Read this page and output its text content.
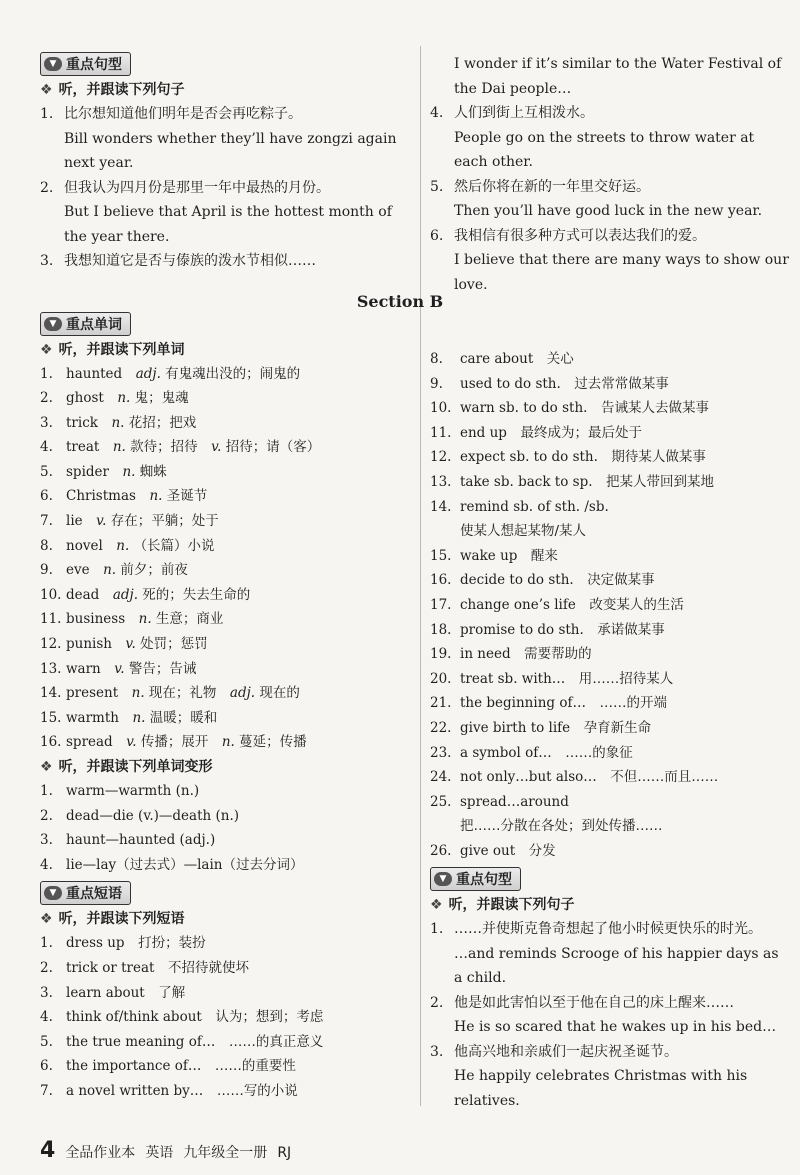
Section B
▼ 重点句型
❖ 听，并跟读下列句子
1. 比尔想知道他们明年是否会再吃粽子。
Bill wonders whether they’ll have zongzi again next year.
2. 但我认为四月份是那里一年中最热的月份。
But I believe that April is the hottest month of the year there.
3. 我想知道它是否与傣族的泼水节相似……
▼ 重点单词
❖ 听，并跟读下列单词
1. haunted  adj. 有鬼魂出没的；闹鬼的
2. ghost  n. 鬼；鬼魂
3. trick  n. 花招；把戏
4. treat  n. 款待；招待  v. 招待；请（客）
5. spider  n. 蜘蛛
6. Christmas  n. 圣诞节
7. lie  v. 存在；平躺；处于
8. novel  n. （长篇）小说
9. eve  n. 前夕；前夜
10. dead  adj. 死的；失去生命的
11. business  n. 生意；商业
12. punish  v. 处罚；惩罚
13. warn  v. 警告；告诫
14. present  n. 现在；礼物  adj. 现在的
15. warmth  n. 温暖；暖和
16. spread  v. 传播；展开  n. 蔓延；传播
❖ 听，并跟读下列单词变形
1. warm—warmth (n.)
2. dead—die (v.)—death (n.)
3. haunt—haunted (adj.)
4. lie—lay（过去式）—lain（过去分词）
▼ 重点短语
❖ 听，并跟读下列短语
1. dress up  打扮；装扮
2. trick or treat  不招待就使坏
3. learn about  了解
4. think of/think about  认为；想到；考虑
5. the true meaning of…  ……的真正意义
6. the importance of…  ……的重要性
7. a novel written by…  ……写的小说
I wonder if it’s similar to the Water Festival of the Dai people…
4. 人们到街上互相泼水。
People go on the streets to throw water at each other.
5. 然后你将在新的一年里交好运。
Then you’ll have good luck in the new year.
6. 我相信有很多种方式可以表达我们的爱。
I believe that there are many ways to show our love.
8.	care about  关心
9.	used to do sth.  过去常常做某事
10. warn sb. to do sth.  告诫某人去做某事
11. end up  最终成为；最后处于
12. expect sb. to do sth.  期待某人做某事
13. take sb. back to sp.  把某人带回到某地
14. remind sb. of sth. /sb. 
使某人想起某物/某人
15. wake up  醒来
16. decide to do sth.  决定做某事
17. change one’s life  改变某人的生活
18. promise to do sth.  承诺做某事
19. in need  需要帮助的
20. treat sb. with…  用……招待某人
21. the beginning of…  ……的开端
22. give birth to life  孕育新生命
23. a symbol of…  ……的象征
24. not only…but also…  不但……而且……
25. spread…around 
把……分散在各处；到处传播……
26. give out  分发
▼ 重点句型
❖ 听，并跟读下列句子
1. ……并使斯克鲁奇想起了他小时候更快乐的时光。
…and reminds Scrooge of his happier days as a child.
2. 他是如此害怕以至于他在自己的床上醒来……
He is so scared that he wakes up in his bed…
3. 他高兴地和亲戚们一起庆祝圣诞节。
He happily celebrates Christmas with his relatives.
4 全品作业本 英语 九年级全一册 RJ
